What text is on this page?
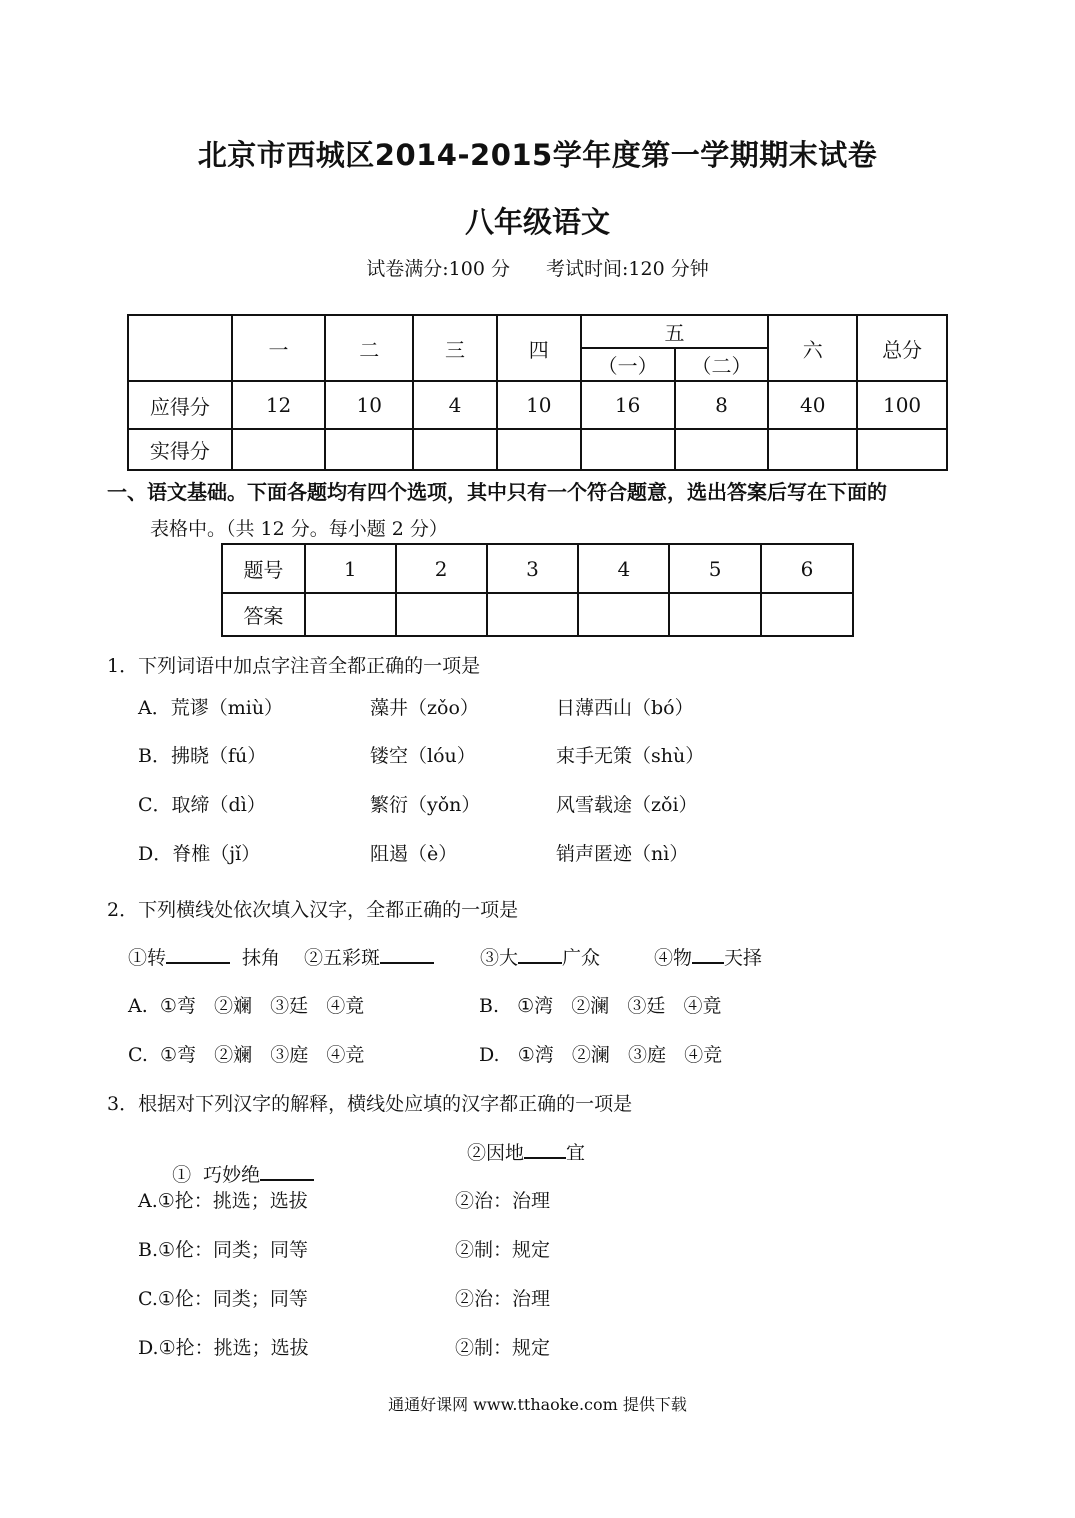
北京市西城区2014-2015学年度第一学期期末试卷
八年级语文
试卷满分:100 分 考试时间:120 分钟
	一	二	三	四	五		六	总分
					（一）	（二）		
应得分	12	10	4	10	16	8	40	100
实得分								
一、语文基础。下面各题均有四个选项，其中只有一个符合题意，选出答案后写在下面的
表格中。（共 12 分。每小题 2 分）
题号	1	2	3	4	5	6
答案						
1．下列词语中加点字注音全都正确的一项是
A．荒谬（miù）	藻井（zǒo）	日薄西山（bó）
B．拂晓（fú）	镂空（lóu）	束手无策（shù）
C．取缔（dì）	繁衍（yǒn）	风雪载途（zǒi）
D．脊椎（jǐ）	阻遏（è）	销声匿迹（nì）
2．下列横线处依次填入汉字，全都正确的一项是
①转	抹角 ②五彩斑	③大 广众	④物 天择
A.  ①弯   ②斓   ③廷   ④竟	B.   ①湾   ②澜   ③廷   ④竟
C.  ①弯   ②斓   ③庭   ④竞	D.   ①湾   ②澜   ③庭   ④竞
3．根据对下列汉字的解释，横线处应填的汉字都正确的一项是

①  巧妙绝

②因地 宜
A.①抡：挑选；选拔	②治：治理
B.①伦：同类；同等	②制：规定
C.①伦：同类；同等	②治：治理
D.①抡：挑选；选拔	②制：规定
通通好课网 www.tthaoke.com 提供下载
